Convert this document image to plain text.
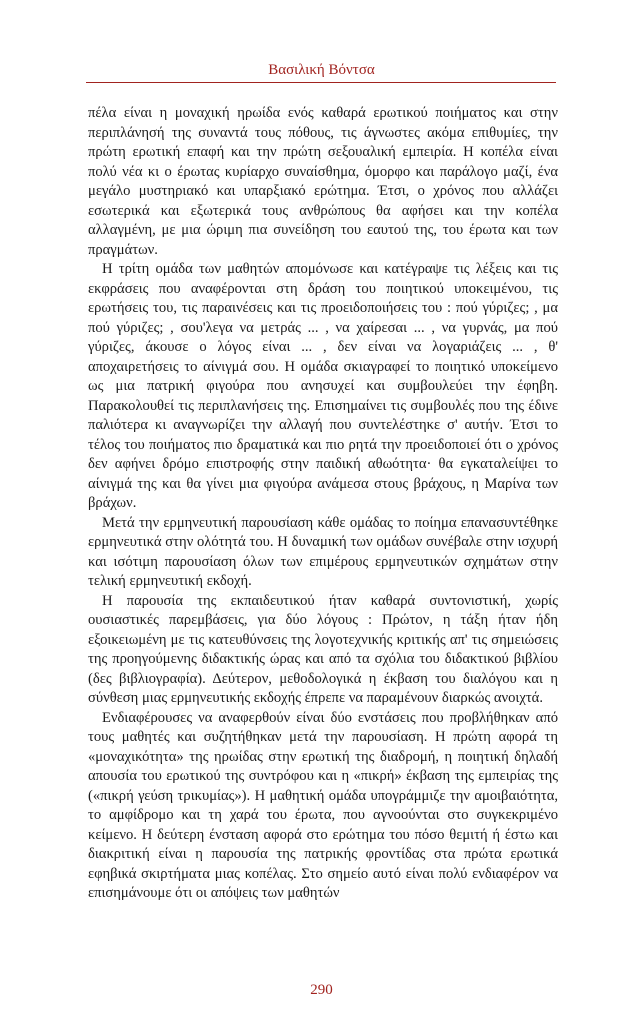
Βασιλική Βόντσα

πέλα είναι η μοναχική ηρωίδα ενός καθαρά ερωτικού ποιήματος και στην περιπλάνησή της συναντά τους πόθους, τις άγνωστες ακόμα επιθυμίες, την πρώτη ερωτική επαφή και την πρώτη σεξουαλική εμπειρία. Η κοπέλα είναι πολύ νέα κι ο έρωτας κυρίαρχο συναίσθημα, όμορφο και παράλογο μαζί, ένα μεγάλο μυστηριακό και υπαρξιακό ερώτημα. Έτσι, ο χρόνος που αλλάζει εσωτερικά και εξωτερικά τους ανθρώπους θα αφήσει και την κοπέλα αλλαγμένη, με μια ώριμη πια συνείδηση του εαυτού της, του έρωτα και των πραγμάτων.

Η τρίτη ομάδα των μαθητών απομόνωσε και κατέγραψε τις λέξεις και τις εκφράσεις που αναφέρονται στη δράση του ποιητικού υποκειμένου, τις ερωτήσεις του, τις παραινέσεις και τις προειδοποιήσεις του : πού γύριζες; , μα πού γύριζες; , σου'λεγα να μετράς ... , να χαίρεσαι ... , να γυρνάς, μα πού γύριζες, άκουσε ο λόγος είναι ... , δεν είναι να λογαριάζεις ... , θ' αποχαιρετήσεις το αίνιγμά σου. Η ομάδα σκιαγραφεί το ποιητικό υποκείμενο ως μια πατρική φιγούρα που ανησυχεί και συμβουλεύει την έφηβη. Παρακολουθεί τις περιπλανήσεις της. Επισημαίνει τις συμβουλές που της έδινε παλιότερα κι αναγνωρίζει την αλλαγή που συντελέστηκε σ' αυτήν. Έτσι το τέλος του ποιήματος πιο δραματικά και πιο ρητά την προειδοποιεί ότι ο χρόνος δεν αφήνει δρόμο επιστροφής στην παιδική αθωότητα· θα εγκαταλείψει το αίνιγμά της και θα γίνει μια φιγούρα ανάμεσα στους βράχους, η Μαρίνα των βράχων.

Μετά την ερμηνευτική παρουσίαση κάθε ομάδας το ποίημα επανασυντέθηκε ερμηνευτικά στην ολότητά του. Η δυναμική των ομάδων συνέβαλε στην ισχυρή και ισότιμη παρουσίαση όλων των επιμέρους ερμηνευτικών σχημάτων στην τελική ερμηνευτική εκδοχή.

Η παρουσία της εκπαιδευτικού ήταν καθαρά συντονιστική, χωρίς ουσιαστικές παρεμβάσεις, για δύο λόγους : Πρώτον, η τάξη ήταν ήδη εξοικειωμένη με τις κατευθύνσεις της λογοτεχνικής κριτικής απ' τις σημειώσεις της προηγούμενης διδακτικής ώρας και από τα σχόλια του διδακτικού βιβλίου (δες βιβλιογραφία). Δεύτερον, μεθοδολογικά η έκβαση του διαλόγου και η σύνθεση μιας ερμηνευτικής εκδοχής έπρεπε να παραμένουν διαρκώς ανοιχτά.

Ενδιαφέρουσες να αναφερθούν είναι δύο ενστάσεις που προβλήθηκαν από τους μαθητές και συζητήθηκαν μετά την παρουσίαση. Η πρώτη αφορά τη «μοναχικότητα» της ηρωίδας στην ερωτική της διαδρομή, η ποιητική δηλαδή απουσία του ερωτικού της συντρόφου και η «πικρή» έκβαση της εμπειρίας της («πικρή γεύση τρικυμίας»). Η μαθητική ομάδα υπογράμμιζε την αμοιβαιότητα, το αμφίδρομο και τη χαρά του έρωτα, που αγνοούνται στο συγκεκριμένο κείμενο. Η δεύτερη ένσταση αφορά στο ερώτημα του πόσο θεμιτή ή έστω και διακριτική είναι η παρουσία της πατρικής φροντίδας στα πρώτα ερωτικά εφηβικά σκιρτήματα μιας κοπέλας. Στο σημείο αυτό είναι πολύ ενδιαφέρον να επισημάνουμε ότι οι απόψεις των μαθητών

290
